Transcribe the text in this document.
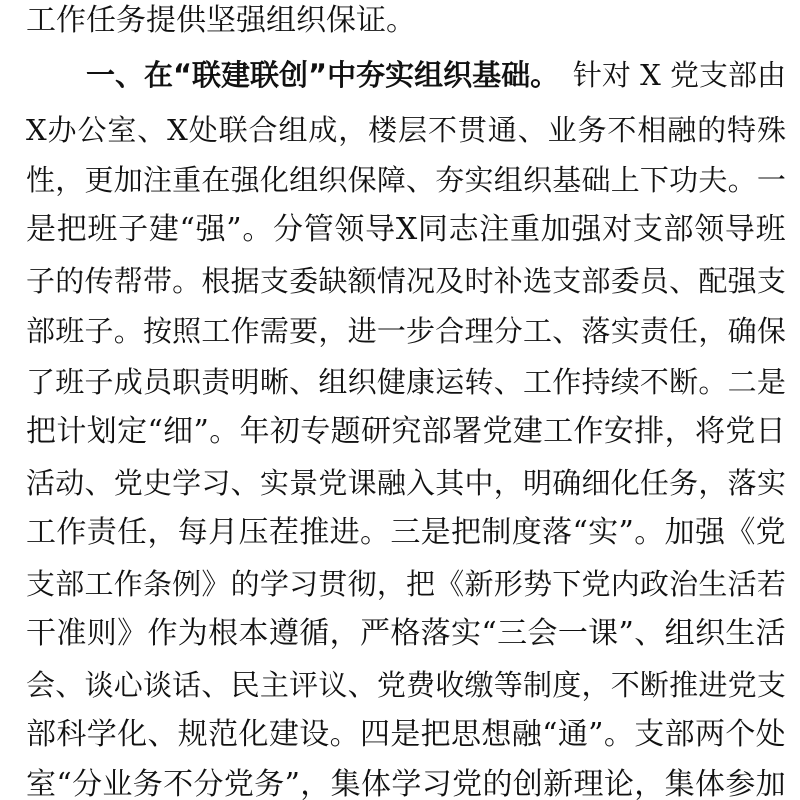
工作任务提供坚强组织保证。
一、在“联建联创”中夯实组织基础。 针对 X 党支部由
X 办 公 室 、 X 处 联 合 组 成 ， 楼 层 不 贯 通 、 业 务 不 相 融 的 特 殊
性 ， 更 加 注 重 在 强 化 组 织 保 障 、 夯 实 组 织 基 础 上 下 功 夫 。 一
是 把 班 子 建 “ 强 ” 。 分 管 领 导 X 同 志 注 重 加 强 对 支 部 领 导 班
子 的 传 帮 带 。 根 据 支 委 缺 额 情 况 及 时 补 选 支 部 委 员 、 配 强 支
部 班 子 。 按 照 工 作 需 要 ， 进 一 步 合 理 分 工 、 落 实 责 任 ， 确 保
了 班 子 成 员 职 责 明 晰 、 组 织 健 康 运 转 、 工 作 持 续 不 断 。 二 是
把 计 划 定 “ 细 ” 。 年 初 专 题 研 究 部 署 党 建 工 作 安 排 ， 将 党 日
活 动 、 党 史 学 习 、 实 景 党 课 融 入 其 中 ， 明 确 细 化 任 务 ， 落 实
工 作 责 任 ， 每 月 压 茬 推 进 。 三 是 把 制 度 落 “ 实 ” 。 加 强 《 党
支 部 工 作 条 例 》 的 学 习 贯 彻 ， 把 《 新 形 势 下 党 内 政 治 生 活 若
干 准 则 》 作 为 根 本 遵 循 ， 严 格 落 实 “ 三 会 一 课 ” 、 组 织 生 活
会 、 谈 心 谈 话 、 民 主 评 议 、 党 费 收 缴 等 制 度 ， 不 断 推 进 党 支
部 科 学 化 、 规 范 化 建 设 。 四 是 把 思 想 融 “ 通 ” 。 支 部 两 个 处
室 “ 分 业 务 不 分 党 务 ” ， 集 体 学 习 党 的 创 新 理 论 ， 集 体 参 加
